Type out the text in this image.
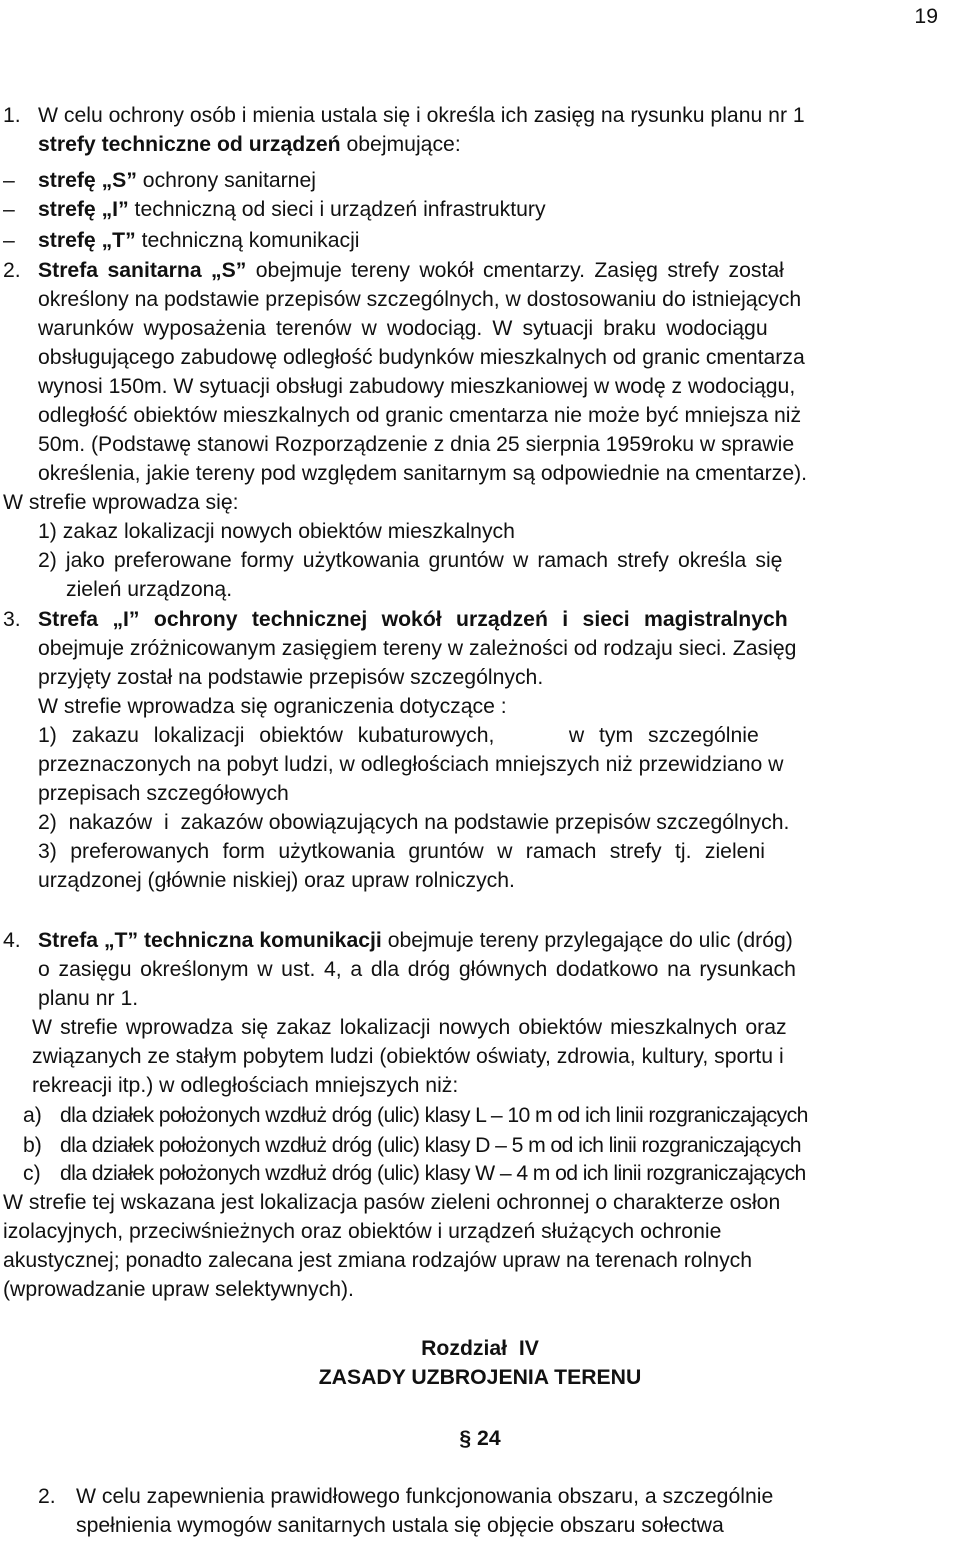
19
1. W celu ochrony osób i mienia ustala się i określa ich zasięg na rysunku planu nr 1
strefy techniczne od urządzeń obejmujące:
– strefę „S” ochrony sanitarnej
– strefę „I” techniczną od sieci i urządzeń infrastruktury
– strefę „T” techniczną komunikacji
2. Strefa sanitarna „S” obejmuje tereny wokół cmentarzy. Zasięg strefy został
określony na podstawie przepisów szczególnych, w dostosowaniu do istniejących
warunków wyposażenia terenów w wodociąg. W sytuacji braku wodociągu
obsługującego zabudowę odległość budynków mieszkalnych od granic cmentarza
wynosi 150m. W sytuacji obsługi zabudowy mieszkaniowej w wodę z wodociągu,
odległość obiektów mieszkalnych od granic cmentarza nie może być mniejsza niż
50m. (Podstawę stanowi Rozporządzenie z dnia 25 sierpnia 1959roku w sprawie
określenia, jakie tereny pod względem sanitarnym są odpowiednie na cmentarze).
W strefie wprowadza się:
1) zakaz lokalizacji nowych obiektów mieszkalnych
2) jako preferowane formy użytkowania gruntów w ramach strefy określa się
zieleń urządzoną.
3. Strefa „I” ochrony technicznej wokół urządzeń i sieci magistralnych
obejmuje zróżnicowanym zasięgiem tereny w zależności od rodzaju sieci. Zasięg
przyjęty został na podstawie przepisów szczególnych.
W strefie wprowadza się ograniczenia dotyczące :
1) zakazu lokalizacji obiektów kubaturowych,     w tym szczególnie
przeznaczonych na pobyt ludzi, w odległościach mniejszych niż przewidziano w
przepisach szczegółowych
2)  nakazów  i  zakazów obowiązujących na podstawie przepisów szczególnych.
3) preferowanych form użytkowania gruntów w ramach strefy tj. zieleni
urządzonej (głównie niskiej) oraz upraw rolniczych.
4. Strefa „T” techniczna komunikacji obejmuje tereny przylegające do ulic (dróg)
o zasięgu określonym w ust. 4, a dla dróg głównych dodatkowo na rysunkach
planu nr 1.
W strefie wprowadza się zakaz lokalizacji nowych obiektów mieszkalnych oraz
związanych ze stałym pobytem ludzi (obiektów oświaty, zdrowia, kultury, sportu i
rekreacji itp.) w odległościach mniejszych niż:
a) dla działek położonych wzdłuż dróg (ulic) klasy L – 10 m od ich linii rozgraniczających
b) dla działek położonych wzdłuż dróg (ulic) klasy D – 5 m od ich linii rozgraniczających
c) dla działek położonych wzdłuż dróg (ulic) klasy W – 4 m od ich linii rozgraniczających
W strefie tej wskazana jest lokalizacja pasów zieleni ochronnej o charakterze osłon
izolacyjnych, przeciwśnieżnych oraz obiektów i urządzeń służących ochronie
akustycznej; ponadto zalecana jest zmiana rodzajów upraw na terenach rolnych
(wprowadzanie upraw selektywnych).
Rozdział  IV
ZASADY UZBROJENIA TERENU
§ 24
2. W celu zapewnienia prawidłowego funkcjonowania obszaru, a szczególnie
spełnienia wymogów sanitarnych ustala się objęcie obszaru sołectwa
